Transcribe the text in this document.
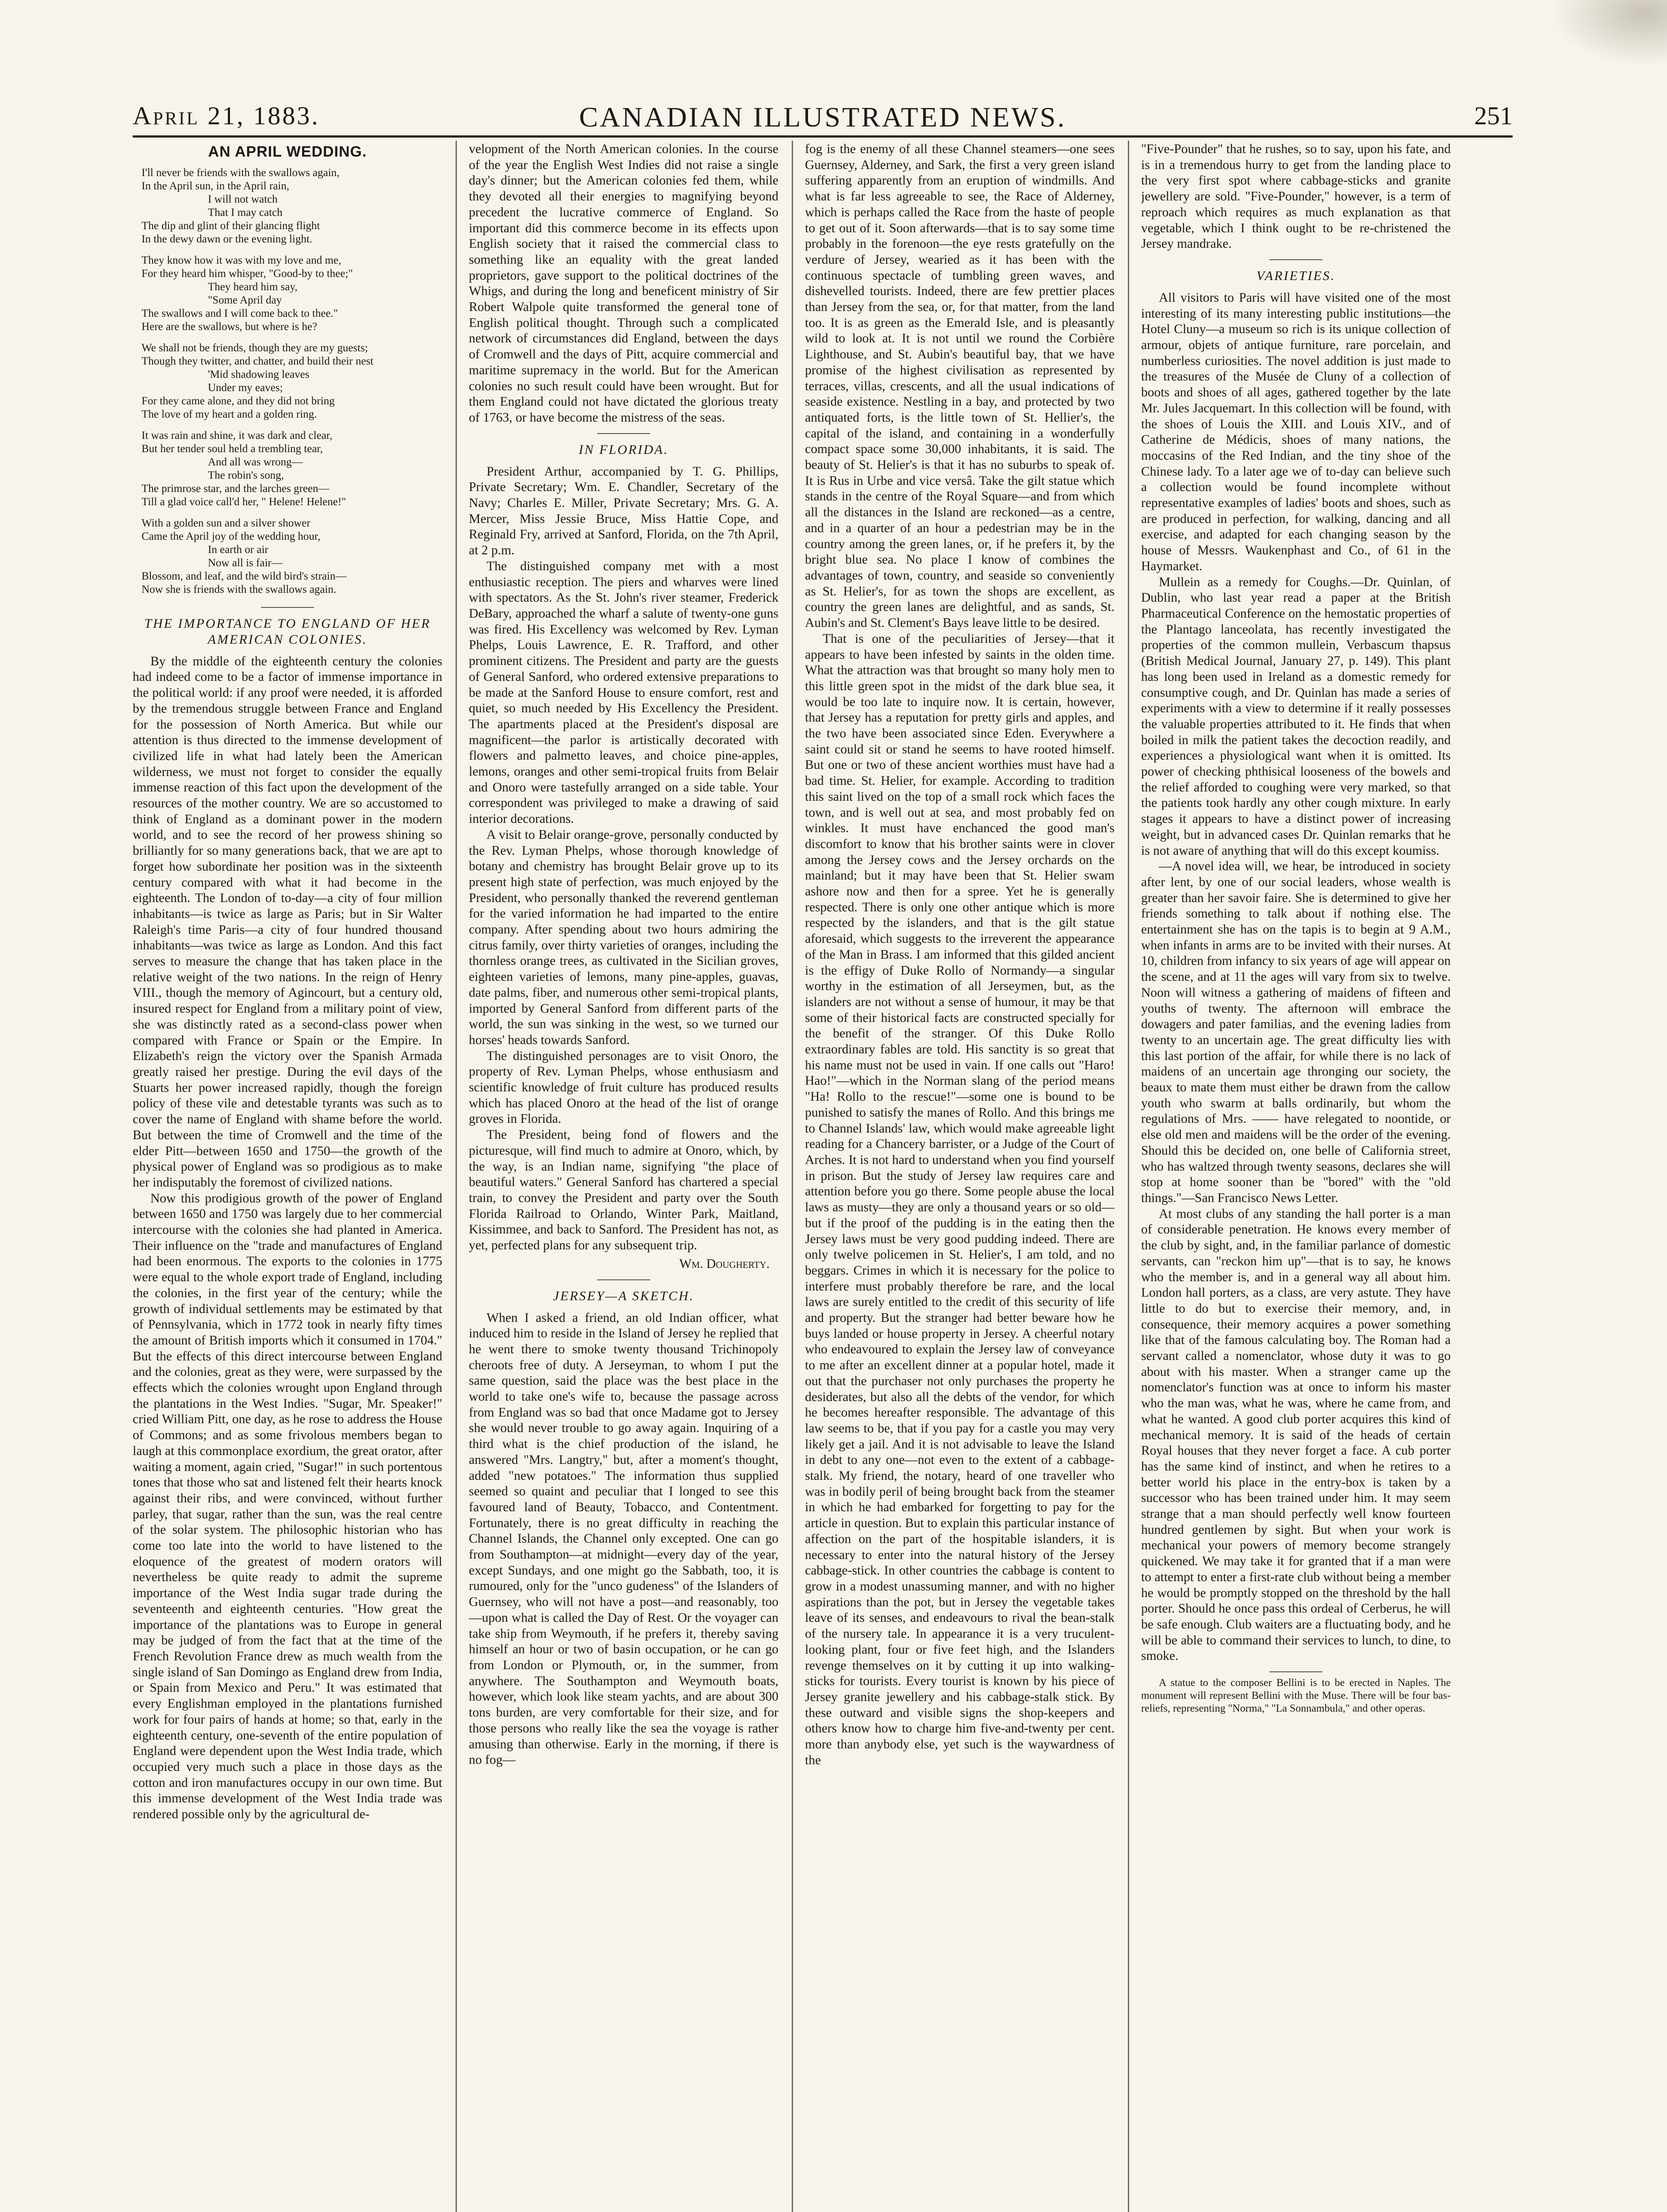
April 21, 1883.	CANADIAN ILLUSTRATED NEWS.	251
AN APRIL WEDDING.
I'll never be friends with the swallows again,
In the April sun, in the April rain,
I will not watch
That I may catch
The dip and glint of their glancing flight
In the dewy dawn or the evening light.
They know how it was with my love and me,
For they heard him whisper, "Good-by to thee;"
They heard him say,
"Some April day
The swallows and I will come back to thee."
Here are the swallows, but where is he?
We shall not be friends, though they are my guests;
Though they twitter, and chatter, and build their nest
'Mid shadowing leaves
Under my eaves;
For they came alone, and they did not bring
The love of my heart and a golden ring.
It was rain and shine, it was dark and clear,
But her tender soul held a trembling tear,
And all was wrong—
The robin's song,
The primrose star, and the larches green—
Till a glad voice call'd her, " Helene! Helene!"
With a golden sun and a silver shower
Came the April joy of the wedding hour,
In earth or air
Now all is fair—
Blossom, and leaf, and the wild bird's strain—
Now she is friends with the swallows again.
THE IMPORTANCE TO ENGLAND OF HER AMERICAN COLONIES.

By the middle of the eighteenth century the colonies had indeed come to be a factor of immense importance in the political world: if any proof were needed, it is afforded by the tremendous struggle between France and England for the possession of North America. But while our attention is thus directed to the immense development of civilized life in what had lately been the American wilderness, we must not forget to consider the equally immense reaction of this fact upon the development of the resources of the mother country. We are so accustomed to think of England as a dominant power in the modern world, and to see the record of her prowess shining so brilliantly for so many generations back, that we are apt to forget how subordinate her position was in the sixteenth century compared with what it had become in the eighteenth. The London of to-day—a city of four million inhabitants—is twice as large as Paris; but in Sir Walter Raleigh's time Paris—a city of four hundred thousand inhabitants—was twice as large as London. And this fact serves to measure the change that has taken place in the relative weight of the two nations. In the reign of Henry VIII., though the memory of Agincourt, but a century old, insured respect for England from a military point of view, she was distinctly rated as a second-class power when compared with France or Spain or the Empire. In Elizabeth's reign the victory over the Spanish Armada greatly raised her prestige. During the evil days of the Stuarts her power increased rapidly, though the foreign policy of these vile and detestable tyrants was such as to cover the name of England with shame before the world. But between the time of Cromwell and the time of the elder Pitt—between 1650 and 1750—the growth of the physical power of England was so prodigious as to make her indisputably the foremost of civilized nations.

Now this prodigious growth of the power of England between 1650 and 1750 was largely due to her commercial intercourse with the colonies she had planted in America. Their influence on the "trade and manufactures of England had been enormous. The exports to the colonies in 1775 were equal to the whole export trade of England, including the colonies, in the first year of the century; while the growth of individual settlements may be estimated by that of Pennsylvania, which in 1772 took in nearly fifty times the amount of British imports which it consumed in 1704." But the effects of this direct intercourse between England and the colonies, great as they were, were surpassed by the effects which the colonies wrought upon England through the plantations in the West Indies. "Sugar, Mr. Speaker!" cried William Pitt, one day, as he rose to address the House of Commons; and as some frivolous members began to laugh at this commonplace exordium, the great orator, after waiting a moment, again cried, "Sugar!" in such portentous tones that those who sat and listened felt their hearts knock against their ribs, and were convinced, without further parley, that sugar, rather than the sun, was the real centre of the solar system. The philosophic historian who has come too late into the world to have listened to the eloquence of the greatest of modern orators will nevertheless be quite ready to admit the supreme importance of the West India sugar trade during the seventeenth and eighteenth centuries. "How great the importance of the plantations was to Europe in general may be judged of from the fact that at the time of the French Revolution France drew as much wealth from the single island of San Domingo as England drew from India, or Spain from Mexico and Peru." It was estimated that every Englishman employed in the plantations furnished work for four pairs of hands at home; so that, early in the eighteenth century, one-seventh of the entire population of England were dependent upon the West India trade, which occupied very much such a place in those days as the cotton and iron manufactures occupy in our own time. But this immense development of the West India trade was rendered possible only by the agricultural de-

velopment of the North American colonies. In the course of the year the English West Indies did not raise a single day's dinner; but the American colonies fed them, while they devoted all their energies to magnifying beyond precedent the lucrative commerce of England. So important did this commerce become in its effects upon English society that it raised the commercial class to something like an equality with the great landed proprietors, gave support to the political doctrines of the Whigs, and during the long and beneficent ministry of Sir Robert Walpole quite transformed the general tone of English political thought. Through such a complicated network of circumstances did England, between the days of Cromwell and the days of Pitt, acquire commercial and maritime supremacy in the world. But for the American colonies no such result could have been wrought. But for them England could not have dictated the glorious treaty of 1763, or have become the mistress of the seas.

IN FLORIDA.

President Arthur, accompanied by T. G. Phillips, Private Secretary; Wm. E. Chandler, Secretary of the Navy; Charles E. Miller, Private Secretary; Mrs. G. A. Mercer, Miss Jessie Bruce, Miss Hattie Cope, and Reginald Fry, arrived at Sanford, Florida, on the 7th April, at 2 p.m.

The distinguished company met with a most enthusiastic reception. The piers and wharves were lined with spectators. As the St. John's river steamer, Frederick DeBary, approached the wharf a salute of twenty-one guns was fired. His Excellency was welcomed by Rev. Lyman Phelps, Louis Lawrence, E. R. Trafford, and other prominent citizens. The President and party are the guests of General Sanford, who ordered extensive preparations to be made at the Sanford House to ensure comfort, rest and quiet, so much needed by His Excellency the President. The apartments placed at the President's disposal are magnificent—the parlor is artistically decorated with flowers and palmetto leaves, and choice pine-apples, lemons, oranges and other semi-tropical fruits from Belair and Onoro were tastefully arranged on a side table. Your correspondent was privileged to make a drawing of said interior decorations.

A visit to Belair orange-grove, personally conducted by the Rev. Lyman Phelps, whose thorough knowledge of botany and chemistry has brought Belair grove up to its present high state of perfection, was much enjoyed by the President, who personally thanked the reverend gentleman for the varied information he had imparted to the entire company. After spending about two hours admiring the citrus family, over thirty varieties of oranges, including the thornless orange trees, as cultivated in the Sicilian groves, eighteen varieties of lemons, many pine-apples, guavas, date palms, fiber, and numerous other semi-tropical plants, imported by General Sanford from different parts of the world, the sun was sinking in the west, so we turned our horses' heads towards Sanford.

The distinguished personages are to visit Onoro, the property of Rev. Lyman Phelps, whose enthusiasm and scientific knowledge of fruit culture has produced results which has placed Onoro at the head of the list of orange groves in Florida.

The President, being fond of flowers and the picturesque, will find much to admire at Onoro, which, by the way, is an Indian name, signifying "the place of beautiful waters." General Sanford has chartered a special train, to convey the President and party over the South Florida Railroad to Orlando, Winter Park, Maitland, Kissimmee, and back to Sanford. The President has not, as yet, perfected plans for any subsequent trip.

Wm. Dougherty.
JERSEY—A SKETCH.

When I asked a friend, an old Indian officer, what induced him to reside in the Island of Jersey he replied that he went there to smoke twenty thousand Trichinopoly cheroots free of duty. A Jerseyman, to whom I put the same question, said the place was the best place in the world to take one's wife to, because the passage across from England was so bad that once Madame got to Jersey she would never trouble to go away again. Inquiring of a third what is the chief production of the island, he answered "Mrs. Langtry," but, after a moment's thought, added "new potatoes." The information thus supplied seemed so quaint and peculiar that I longed to see this favoured land of Beauty, Tobacco, and Contentment. Fortunately, there is no great difficulty in reaching the Channel Islands, the Channel only excepted. One can go from Southampton—at midnight—every day of the year, except Sundays, and one might go the Sabbath, too, it is rumoured, only for the "unco gudeness" of the Islanders of Guernsey, who will not have a post—and reasonably, too—upon what is called the Day of Rest. Or the voyager can take ship from Weymouth, if he prefers it, thereby saving himself an hour or two of basin occupation, or he can go from London or Plymouth, or, in the summer, from anywhere. The Southampton and Weymouth boats, however, which look like steam yachts, and are about 300 tons burden, are very comfortable for their size, and for those persons who really like the sea the voyage is rather amusing than otherwise. Early in the morning, if there is no fog—

fog is the enemy of all these Channel steamers—one sees Guernsey, Alderney, and Sark, the first a very green island suffering apparently from an eruption of windmills. And what is far less agreeable to see, the Race of Alderney, which is perhaps called the Race from the haste of people to get out of it. Soon afterwards—that is to say some time probably in the forenoon—the eye rests gratefully on the verdure of Jersey, wearied as it has been with the continuous spectacle of tumbling green waves, and dishevelled tourists. Indeed, there are few prettier places than Jersey from the sea, or, for that matter, from the land too. It is as green as the Emerald Isle, and is pleasantly wild to look at. It is not until we round the Corbière Lighthouse, and St. Aubin's beautiful bay, that we have promise of the highest civilisation as represented by terraces, villas, crescents, and all the usual indications of seaside existence. Nestling in a bay, and protected by two antiquated forts, is the little town of St. Hellier's, the capital of the island, and containing in a wonderfully compact space some 30,000 inhabitants, it is said. The beauty of St. Helier's is that it has no suburbs to speak of. It is Rus in Urbe and vice versâ. Take the gilt statue which stands in the centre of the Royal Square—and from which all the distances in the Island are reckoned—as a centre, and in a quarter of an hour a pedestrian may be in the country among the green lanes, or, if he prefers it, by the bright blue sea. No place I know of combines the advantages of town, country, and seaside so conveniently as St. Helier's, for as town the shops are excellent, as country the green lanes are delightful, and as sands, St. Aubin's and St. Clement's Bays leave little to be desired.

That is one of the peculiarities of Jersey—that it appears to have been infested by saints in the olden time. What the attraction was that brought so many holy men to this little green spot in the midst of the dark blue sea, it would be too late to inquire now. It is certain, however, that Jersey has a reputation for pretty girls and apples, and the two have been associated since Eden. Everywhere a saint could sit or stand he seems to have rooted himself. But one or two of these ancient worthies must have had a bad time. St. Helier, for example. According to tradition this saint lived on the top of a small rock which faces the town, and is well out at sea, and most probably fed on winkles. It must have enchanced the good man's discomfort to know that his brother saints were in clover among the Jersey cows and the Jersey orchards on the mainland; but it may have been that St. Helier swam ashore now and then for a spree. Yet he is generally respected. There is only one other antique which is more respected by the islanders, and that is the gilt statue aforesaid, which suggests to the irreverent the appearance of the Man in Brass. I am informed that this gilded ancient is the effigy of Duke Rollo of Normandy—a singular worthy in the estimation of all Jerseymen, but, as the islanders are not without a sense of humour, it may be that some of their historical facts are constructed specially for the benefit of the stranger. Of this Duke Rollo extraordinary fables are told. His sanctity is so great that his name must not be used in vain. If one calls out "Haro! Hao!"—which in the Norman slang of the period means "Ha! Rollo to the rescue!"—some one is bound to be punished to satisfy the manes of Rollo. And this brings me to Channel Islands' law, which would make agreeable light reading for a Chancery barrister, or a Judge of the Court of Arches. It is not hard to understand when you find yourself in prison. But the study of Jersey law requires care and attention before you go there. Some people abuse the local laws as musty—they are only a thousand years or so old—but if the proof of the pudding is in the eating then the Jersey laws must be very good pudding indeed. There are only twelve policemen in St. Helier's, I am told, and no beggars. Crimes in which it is necessary for the police to interfere must probably therefore be rare, and the local laws are surely entitled to the credit of this security of life and property. But the stranger had better beware how he buys landed or house property in Jersey. A cheerful notary who endeavoured to explain the Jersey law of conveyance to me after an excellent dinner at a popular hotel, made it out that the purchaser not only purchases the property he desiderates, but also all the debts of the vendor, for which he becomes hereafter responsible. The advantage of this law seems to be, that if you pay for a castle you may very likely get a jail. And it is not advisable to leave the Island in debt to any one—not even to the extent of a cabbage-stalk. My friend, the notary, heard of one traveller who was in bodily peril of being brought back from the steamer in which he had embarked for forgetting to pay for the article in question. But to explain this particular instance of affection on the part of the hospitable islanders, it is necessary to enter into the natural history of the Jersey cabbage-stick. In other countries the cabbage is content to grow in a modest unassuming manner, and with no higher aspirations than the pot, but in Jersey the vegetable takes leave of its senses, and endeavours to rival the bean-stalk of the nursery tale. In appearance it is a very truculent-looking plant, four or five feet high, and the Islanders revenge themselves on it by cutting it up into walking-sticks for tourists. Every tourist is known by his piece of Jersey granite jewellery and his cabbage-stalk stick. By these outward and visible signs the shop-keepers and others know how to charge him five-and-twenty per cent. more than anybody else, yet such is the waywardness of the

"Five-Pounder" that he rushes, so to say, upon his fate, and is in a tremendous hurry to get from the landing place to the very first spot where cabbage-sticks and granite jewellery are sold. "Five-Pounder," however, is a term of reproach which requires as much explanation as that vegetable, which I think ought to be re-christened the Jersey mandrake.

VARIETIES.

All visitors to Paris will have visited one of the most interesting of its many interesting public institutions—the Hotel Cluny—a museum so rich is its unique collection of armour, objets of antique furniture, rare porcelain, and numberless curiosities. The novel addition is just made to the treasures of the Musée de Cluny of a collection of boots and shoes of all ages, gathered together by the late Mr. Jules Jacquemart. In this collection will be found, with the shoes of Louis the XIII. and Louis XIV., and of Catherine de Médicis, shoes of many nations, the moccasins of the Red Indian, and the tiny shoe of the Chinese lady. To a later age we of to-day can believe such a collection would be found incomplete without representative examples of ladies' boots and shoes, such as are produced in perfection, for walking, dancing and all exercise, and adapted for each changing season by the house of Messrs. Waukenphast and Co., of 61 in the Haymarket.

Mullein as a remedy for Coughs.—Dr. Quinlan, of Dublin, who last year read a paper at the British Pharmaceutical Conference on the hemostatic properties of the Plantago lanceolata, has recently investigated the properties of the common mullein, Verbascum thapsus (British Medical Journal, January 27, p. 149). This plant has long been used in Ireland as a domestic remedy for consumptive cough, and Dr. Quinlan has made a series of experiments with a view to determine if it really possesses the valuable properties attributed to it. He finds that when boiled in milk the patient takes the decoction readily, and experiences a physiological want when it is omitted. Its power of checking phthisical looseness of the bowels and the relief afforded to coughing were very marked, so that the patients took hardly any other cough mixture. In early stages it appears to have a distinct power of increasing weight, but in advanced cases Dr. Quinlan remarks that he is not aware of anything that will do this except koumiss.

—A novel idea will, we hear, be introduced in society after lent, by one of our social leaders, whose wealth is greater than her savoir faire. She is determined to give her friends something to talk about if nothing else. The entertainment she has on the tapis is to begin at 9 A.M., when infants in arms are to be invited with their nurses. At 10, children from infancy to six years of age will appear on the scene, and at 11 the ages will vary from six to twelve. Noon will witness a gathering of maidens of fifteen and youths of twenty. The afternoon will embrace the dowagers and pater familias, and the evening ladies from twenty to an uncertain age. The great difficulty lies with this last portion of the affair, for while there is no lack of maidens of an uncertain age thronging our society, the beaux to mate them must either be drawn from the callow youth who swarm at balls ordinarily, but whom the regulations of Mrs. —— have relegated to noontide, or else old men and maidens will be the order of the evening. Should this be decided on, one belle of California street, who has waltzed through twenty seasons, declares she will stop at home sooner than be "bored" with the "old things."—San Francisco News Letter.

At most clubs of any standing the hall porter is a man of considerable penetration. He knows every member of the club by sight, and, in the familiar parlance of domestic servants, can "reckon him up"—that is to say, he knows who the member is, and in a general way all about him. London hall porters, as a class, are very astute. They have little to do but to exercise their memory, and, in consequence, their memory acquires a power something like that of the famous calculating boy. The Roman had a servant called a nomenclator, whose duty it was to go about with his master. When a stranger came up the nomenclator's function was at once to inform his master who the man was, what he was, where he came from, and what he wanted. A good club porter acquires this kind of mechanical memory. It is said of the heads of certain Royal houses that they never forget a face. A cub porter has the same kind of instinct, and when he retires to a better world his place in the entry-box is taken by a successor who has been trained under him. It may seem strange that a man should perfectly well know fourteen hundred gentlemen by sight. But when your work is mechanical your powers of memory become strangely quickened. We may take it for granted that if a man were to attempt to enter a first-rate club without being a member he would be promptly stopped on the threshold by the hall porter. Should he once pass this ordeal of Cerberus, he will be safe enough. Club waiters are a fluctuating body, and he will be able to command their services to lunch, to dine, to smoke.

A statue to the composer Bellini is to be erected in Naples. The monument will represent Bellini with the Muse. There will be four bas-reliefs, representing "Norma," "La Sonnambula," and other operas.
